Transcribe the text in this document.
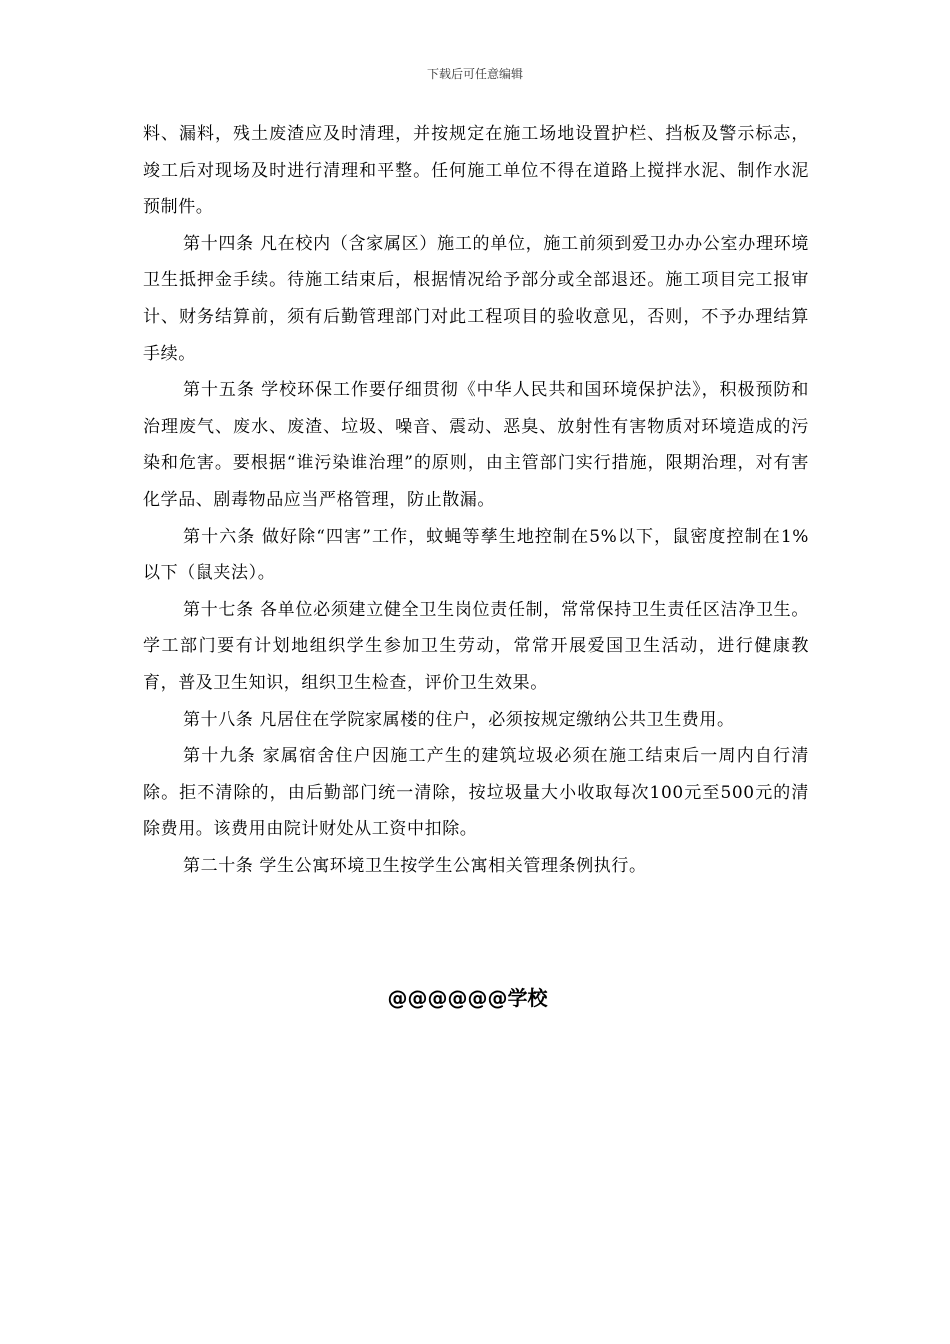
下载后可任意编辑

料、漏料，残土废渣应及时清理，并按规定在施工场地设置护栏、挡板及警示标志，竣工后对现场及时进行清理和平整。任何施工单位不得在道路上搅拌水泥、制作水泥预制件。

第十四条 凡在校内（含家属区）施工的单位，施工前须到爱卫办办公室办理环境卫生抵押金手续。待施工结束后，根据情况给予部分或全部退还。施工项目完工报审计、财务结算前，须有后勤管理部门对此工程项目的验收意见，否则，不予办理结算手续。

第十五条 学校环保工作要仔细贯彻《中华人民共和国环境保护法》，积极预防和治理废气、废水、废渣、垃圾、噪音、震动、恶臭、放射性有害物质对环境造成的污染和危害。要根据“谁污染谁治理”的原则，由主管部门实行措施，限期治理，对有害化学品、剧毒物品应当严格管理，防止散漏。

第十六条 做好除“四害”工作，蚊蝇等孳生地控制在5%以下，鼠密度控制在1%以下（鼠夹法）。

第十七条 各单位必须建立健全卫生岗位责任制，常常保持卫生责任区洁净卫生。学工部门要有计划地组织学生参加卫生劳动，常常开展爱国卫生活动，进行健康教育，普及卫生知识，组织卫生检查，评价卫生效果。

第十八条 凡居住在学院家属楼的住户，必须按规定缴纳公共卫生费用。

第十九条 家属宿舍住户因施工产生的建筑垃圾必须在施工结束后一周内自行清除。拒不清除的，由后勤部门统一清除，按垃圾量大小收取每次100元至500元的清除费用。该费用由院计财处从工资中扣除。

第二十条 学生公寓环境卫生按学生公寓相关管理条例执行。

@@@@@@学校
